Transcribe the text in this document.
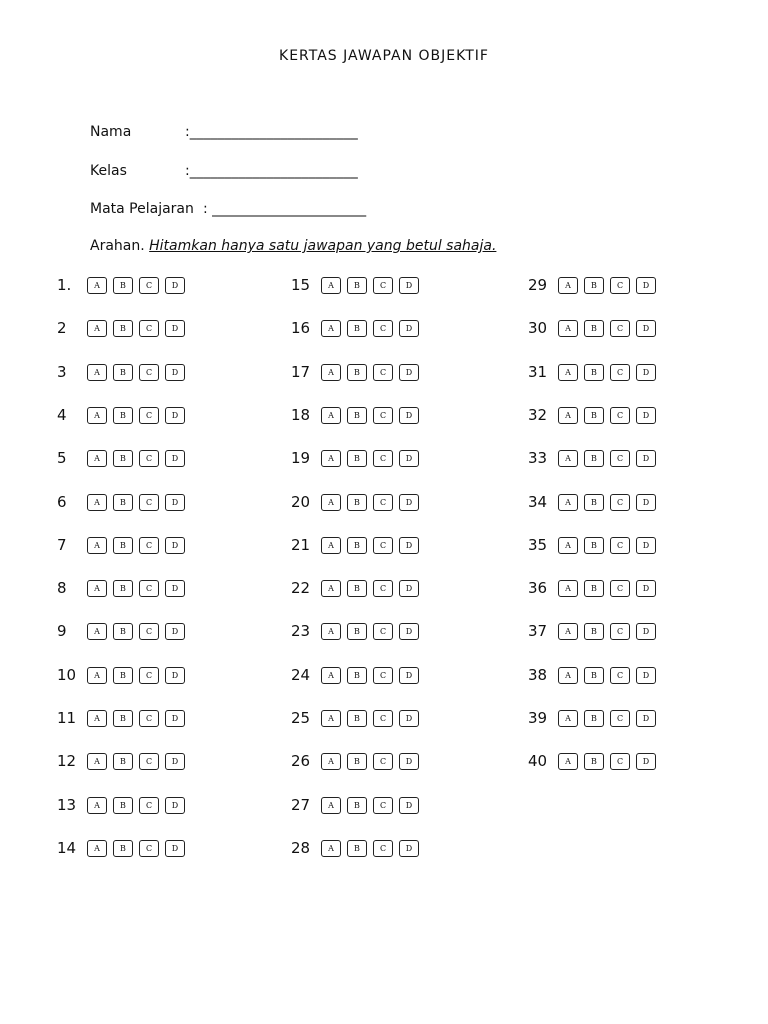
KERTAS JAWAPAN OBJEKTIF
Nama	:________________________
Kelas	:________________________
Mata Pelajaran : ______________________
Arahan. Hitamkan hanya satu jawapan yang betul sahaja.
1.	A	B	C	D
2	A	B	C	D
3	A	B	C	D
4	A	B	C	D
5	A	B	C	D
6	A	B	C	D
7	A	B	C	D
8	A	B	C	D
9	A	B	C	D
10	A	B	C	D
11	A	B	C	D
12	A	B	C	D
13	A	B	C	D
14	A	B	C	D
15	A	B	C	D
16	A	B	C	D
17	A	B	C	D
18	A	B	C	D
19	A	B	C	D
20	A	B	C	D
21	A	B	C	D
22	A	B	C	D
23	A	B	C	D
24	A	B	C	D
25	A	B	C	D
26	A	B	C	D
27	A	B	C	D
28	A	B	C	D
29	A	B	C	D
30	A	B	C	D
31	A	B	C	D
32	A	B	C	D
33	A	B	C	D
34	A	B	C	D
35	A	B	C	D
36	A	B	C	D
37	A	B	C	D
38	A	B	C	D
39	A	B	C	D
40	A	B	C	D
